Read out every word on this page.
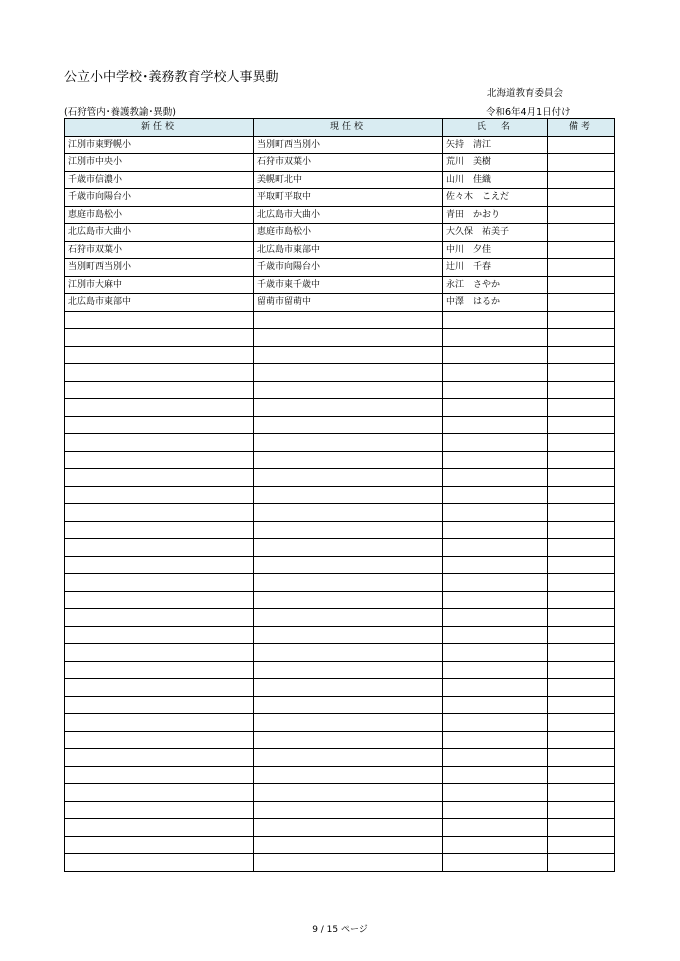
公立小中学校･義務教育学校人事異動
北海道教育委員会
(石狩管内･養護教諭･異動)	令和6年4月1日付け
新任校	現任校	氏　名	備考
江別市東野幌小	当別町西当別小	矢持　清江	
江別市中央小	石狩市双葉小	荒川　美樹	
千歳市信濃小	美幌町北中	山川　佳織	
千歳市向陽台小	平取町平取中	佐々木　こえだ	
恵庭市島松小	北広島市大曲小	青田　かおり	
北広島市大曲小	恵庭市島松小	大久保　祐美子	
石狩市双葉小	北広島市東部中	中川　夕佳	
当別町西当別小	千歳市向陽台小	辻川　千春	
江別市大麻中	千歳市東千歳中	永江　さやか	
北広島市東部中	留萌市留萌中	中澤　はるか	

9 / 15 ページ
